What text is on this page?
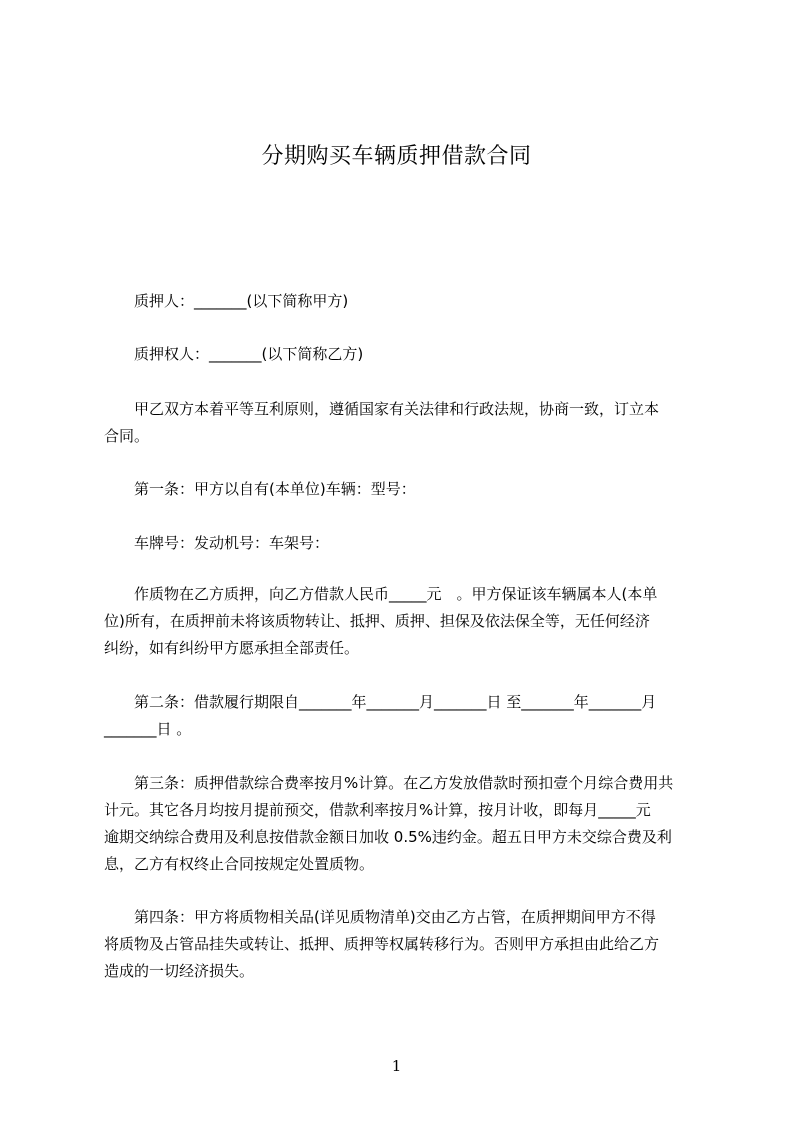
分期购买车辆质押借款合同
　　质押人：_______(以下简称甲方)
　　质押权人：_______(以下简称乙方)
　　甲乙双方本着平等互利原则，遵循国家有关法律和行政法规，协商一致，订立本
合同。
　　第一条：甲方以自有(本单位)车辆：型号：
　　车牌号：发动机号：车架号：
　　作质物在乙方质押，向乙方借款人民币_____元　。甲方保证该车辆属本人(本单
位)所有，在质押前未将该质物转让、抵押、质押、担保及依法保全等，无任何经济
纠纷，如有纠纷甲方愿承担全部责任。
　　第二条：借款履行期限自_______年_______月_______日 至_______年_______月
_______日 。
　　第三条：质押借款综合费率按月%计算。在乙方发放借款时预扣壹个月综合费用共
计元。其它各月均按月提前预交，借款利率按月%计算，按月计收，即每月_____元
逾期交纳综合费用及利息按借款金额日加收 0.5%违约金。超五日甲方未交综合费及利
息，乙方有权终止合同按规定处置质物。
　　第四条：甲方将质物相关品(详见质物清单)交由乙方占管，在质押期间甲方不得
将质物及占管品挂失或转让、抵押、质押等权属转移行为。否则甲方承担由此给乙方
造成的一切经济损失。
1
